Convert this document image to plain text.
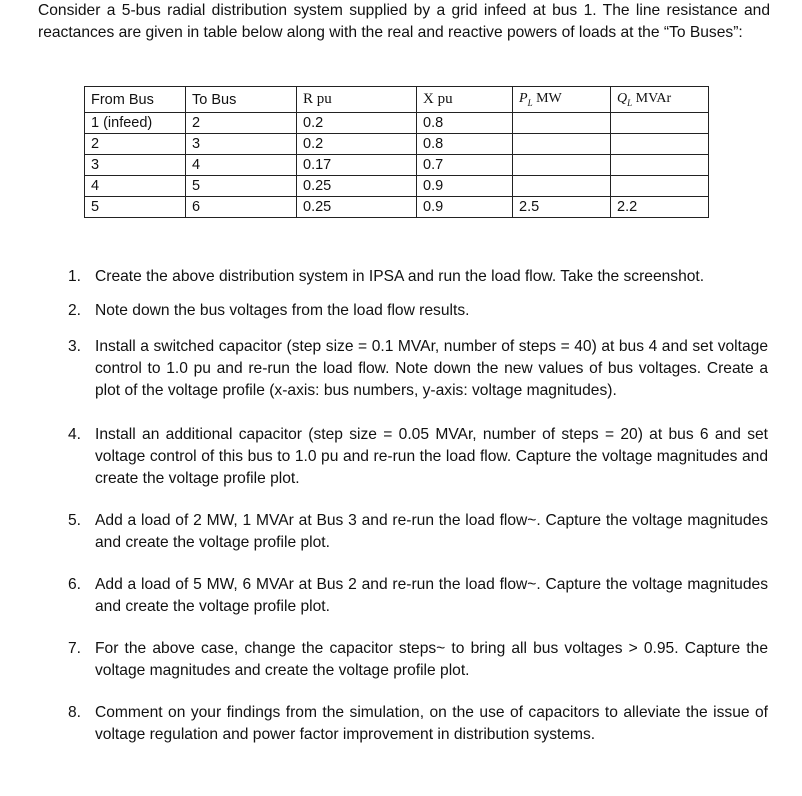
Consider a 5-bus radial distribution system supplied by a grid infeed at bus 1. The line resistance and reactances are given in table below along with the real and reactive powers of loads at the “To Buses”:
From Bus	To Bus	R pu	X pu	$P_L$ MW	$Q_L$ MVAr
1 (infeed)	2	0.2	0.8		
2	3	0.2	0.8		
3	4	0.17	0.7		
4	5	0.25	0.9		
5	6	0.25	0.9	2.5	2.2
1. Create the above distribution system in IPSA and run the load flow. Take the screenshot.
2. Note down the bus voltages from the load flow results.
3. Install a switched capacitor (step size = 0.1 MVAr, number of steps = 40) at bus 4 and set voltage control to 1.0 pu and re-run the load flow. Note down the new values of bus voltages. Create a plot of the voltage profile (x-axis: bus numbers, y-axis: voltage magnitudes).
4. Install an additional capacitor (step size = 0.05 MVAr, number of steps = 20) at bus 6 and set voltage control of this bus to 1.0 pu and re-run the load flow. Capture the voltage magnitudes and create the voltage profile plot.
5. Add a load of 2 MW, 1 MVAr at Bus 3 and re-run the load flow~. Capture the voltage magnitudes and create the voltage profile plot.
6. Add a load of 5 MW, 6 MVAr at Bus 2 and re-run the load flow~. Capture the voltage magnitudes and create the voltage profile plot.
7. For the above case, change the capacitor steps~ to bring all bus voltages > 0.95. Capture the voltage magnitudes and create the voltage profile plot.
8. Comment on your findings from the simulation, on the use of capacitors to alleviate the issue of voltage regulation and power factor improvement in distribution systems.
